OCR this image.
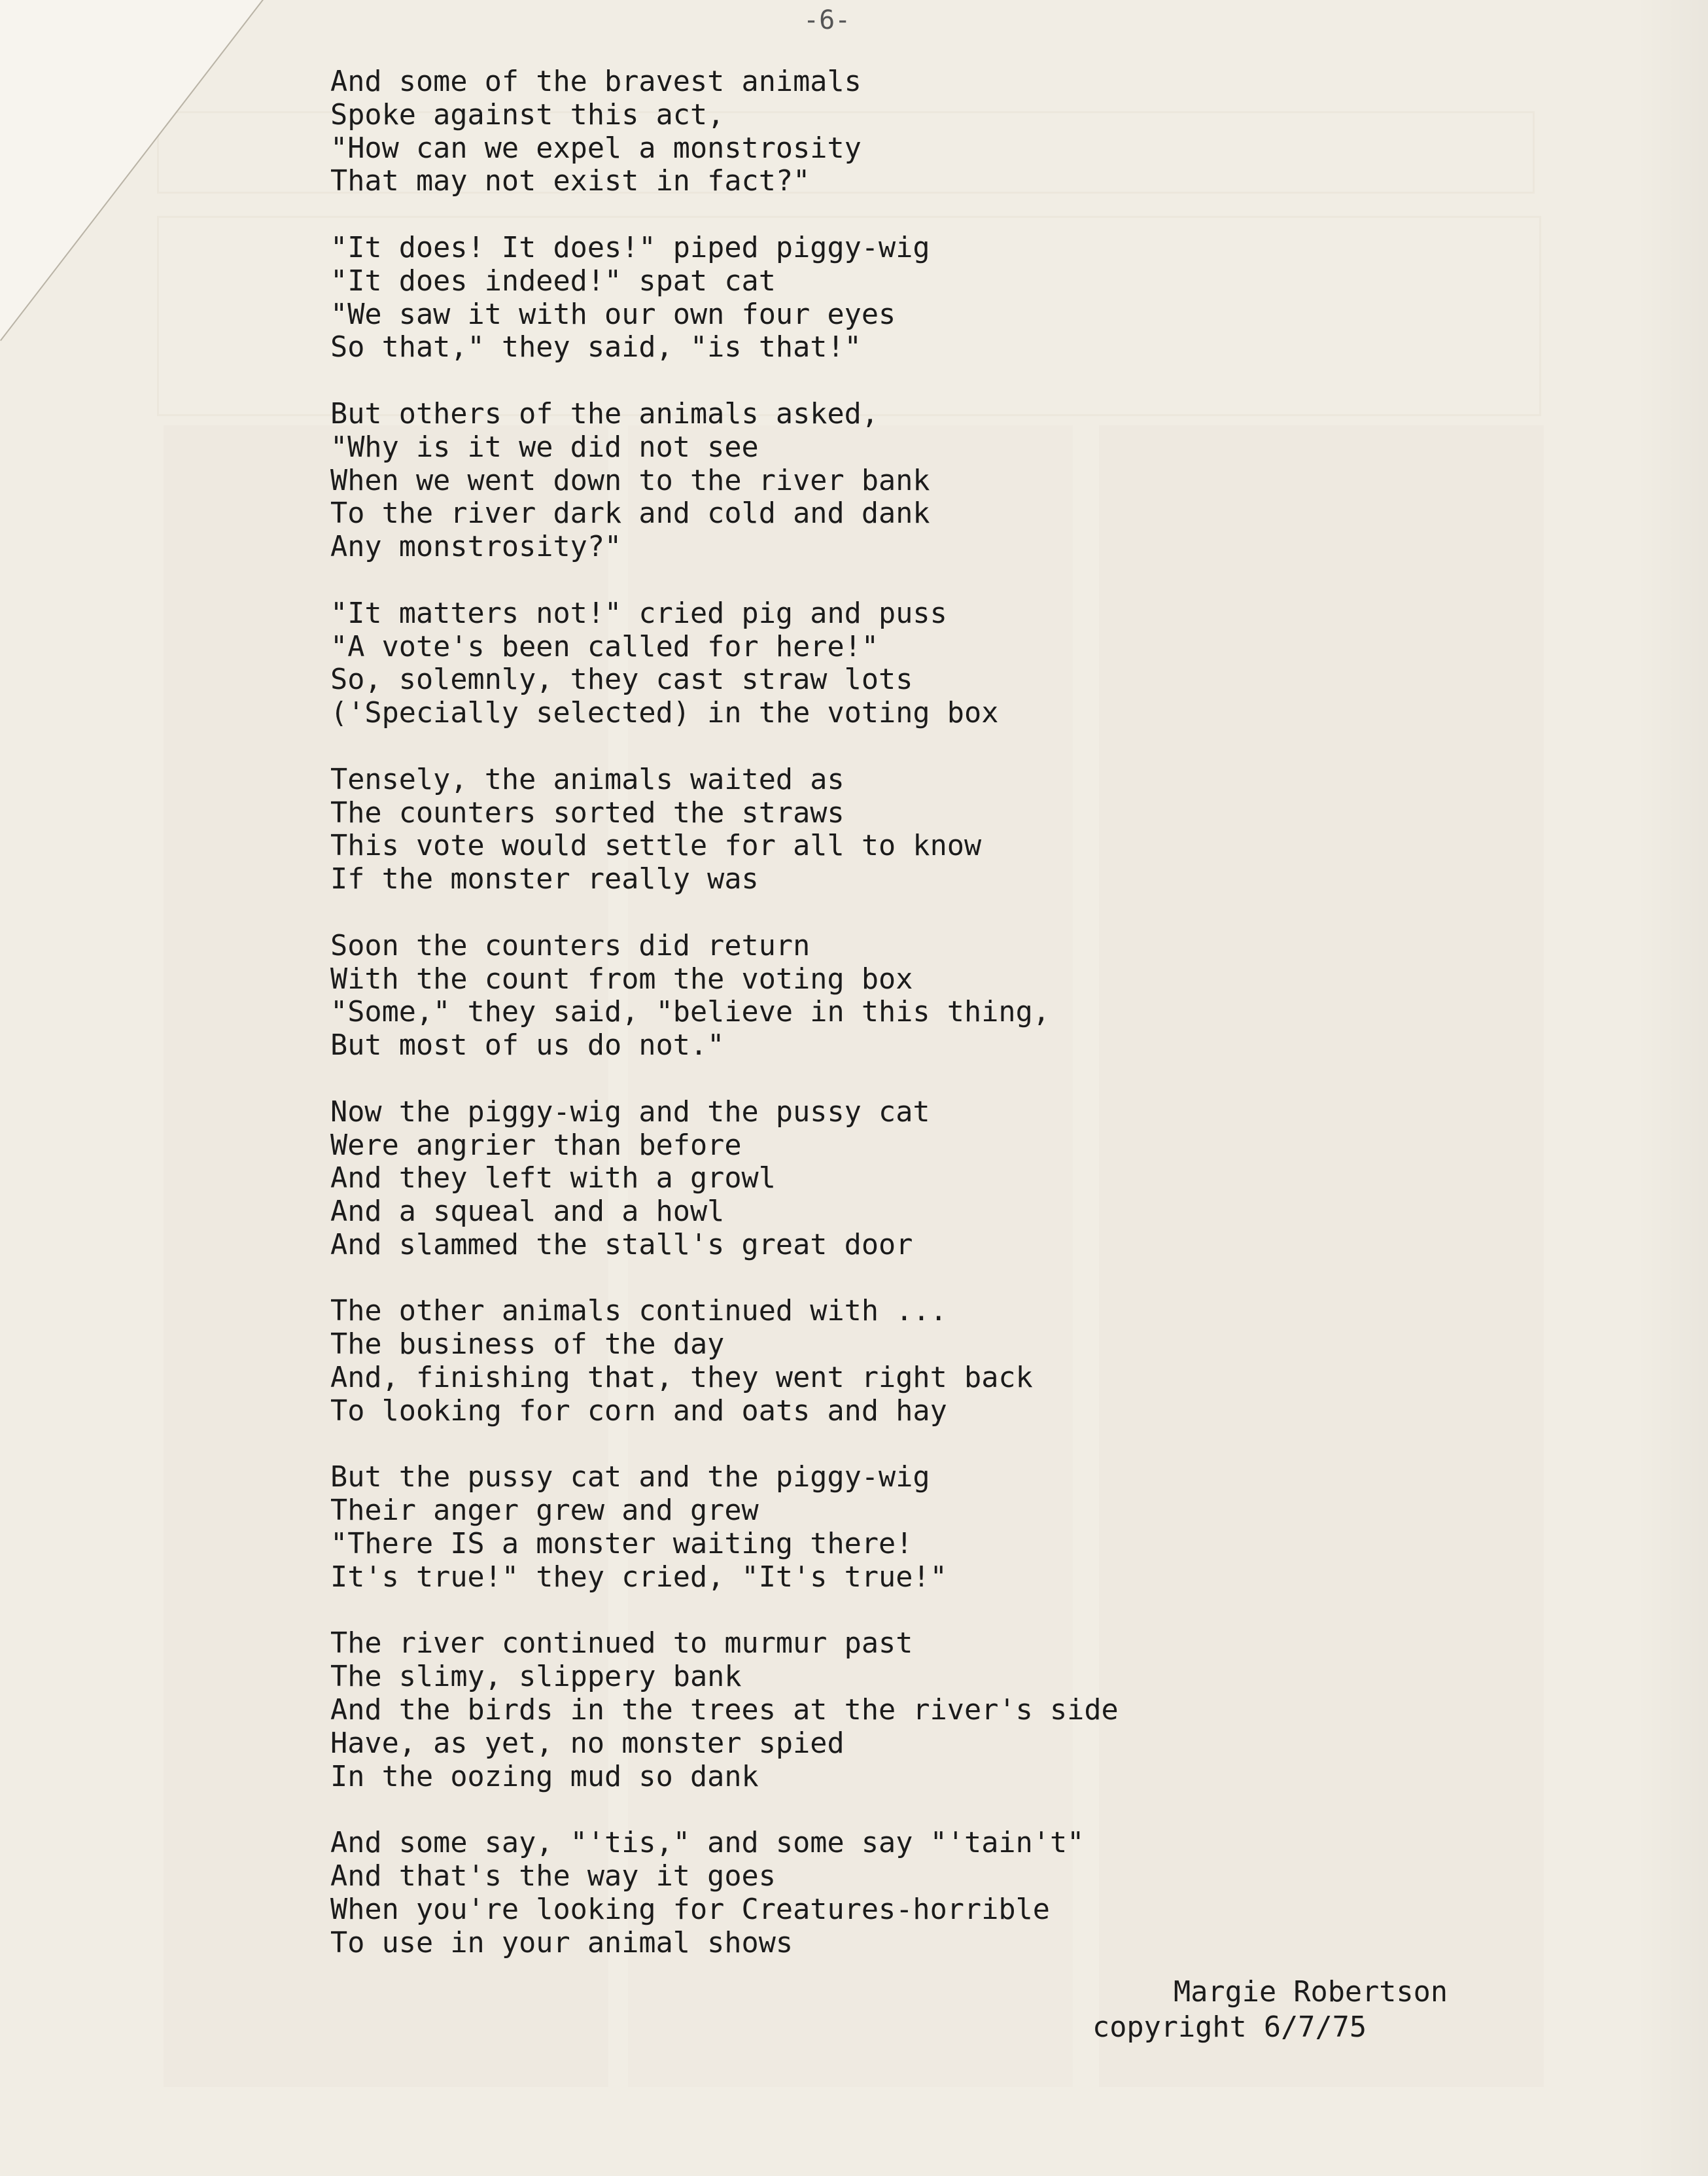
-6-

And some of the bravest animals
Spoke against this act,
"How can we expel a monstrosity
That may not exist in fact?"
"It does! It does!" piped piggy-wig
"It does indeed!" spat cat
"We saw it with our own four eyes
So that," they said, "is that!"
But others of the animals asked,
"Why is it we did not see
When we went down to the river bank
To the river dark and cold and dank
Any monstrosity?"
"It matters not!" cried pig and puss
"A vote's been called for here!"
So, solemnly, they cast straw lots
('Specially selected) in the voting box
Tensely, the animals waited as
The counters sorted the straws
This vote would settle for all to know
If the monster really was
Soon the counters did return
With the count from the voting box
"Some," they said, "believe in this thing,
But most of us do not."
Now the piggy-wig and the pussy cat
Were angrier than before
And they left with a growl
And a squeal and a howl
And slammed the stall's great door
The other animals continued with ...
The business of the day
And, finishing that, they went right back
To looking for corn and oats and hay
But the pussy cat and the piggy-wig
Their anger grew and grew
"There IS a monster waiting there!
It's true!" they cried, "It's true!"
The river continued to murmur past
The slimy, slippery bank
And the birds in the trees at the river's side
Have, as yet, no monster spied
In the oozing mud so dank
And some say, "'tis," and some say "'tain't"
And that's the way it goes
When you're looking for Creatures-horrible
To use in your animal shows
Margie Robertson
copyright 6/7/75
